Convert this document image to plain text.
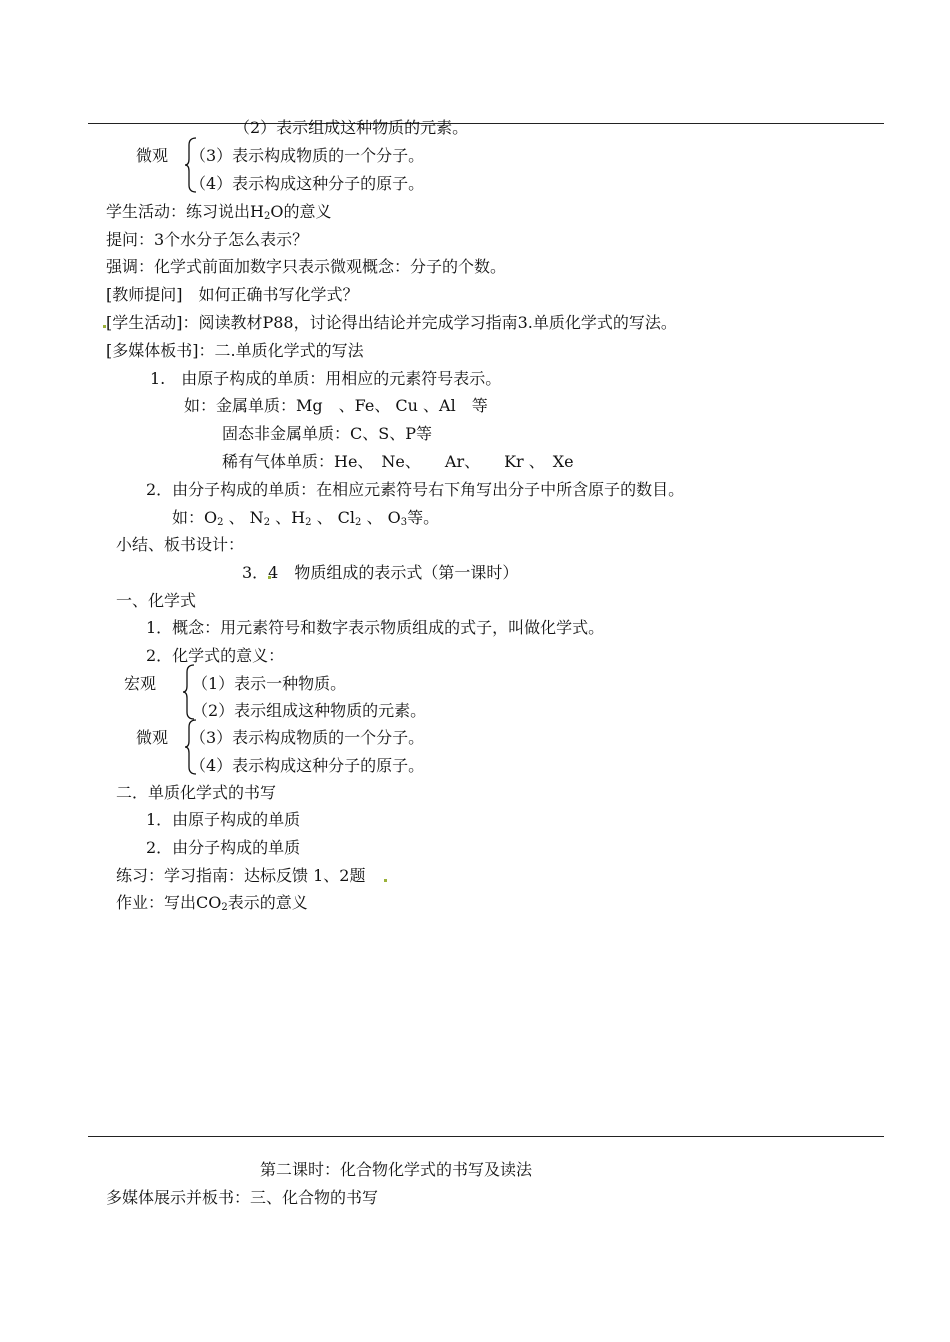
（2）表示组成这种物质的元素。
微观 （3）表示构成物质的一个分子。
（4）表示构成这种分子的原子。
学生活动：练习说出$H_2O$的意义
提问：3个水分子怎么表示？
强调：化学式前面加数字只表示微观概念：分子的个数。
[教师提问]　如何正确书写化学式？
[学生活动]：阅读教材P88，讨论得出结论并完成学习指南3.单质化学式的写法。
[多媒体板书]：二.单质化学式的写法
1.　由原子构成的单质：用相应的元素符号表示。
如：金属单质：Mg　、Fe、 Cu 、Al　等
固态非金属单质：C、S、P等
稀有气体单质：He、　Ne、　　Ar、　　Kr 、　Xe
2．由分子构成的单质：在相应元素符号右下角写出分子中所含原子的数目。
如：$O_2$ 、 $N_2$ 、$H_2$ 、 $Cl_2$ 、 $O_3$等。
小结、板书设计：
3．4　物质组成的表示式（第一课时）
一、化学式
1．概念：用元素符号和数字表示物质组成的式子，叫做化学式。
2．化学式的意义：
宏观 （1）表示一种物质。
（2）表示组成这种物质的元素。
微观 （3）表示构成物质的一个分子。
（4）表示构成这种分子的原子。
二．单质化学式的书写
1．由原子构成的单质
2．由分子构成的单质
练习：学习指南：达标反馈 1、2题
作业：写出$CO_2$表示的意义
第二课时：化合物化学式的书写及读法
多媒体展示并板书：三、化合物的书写
